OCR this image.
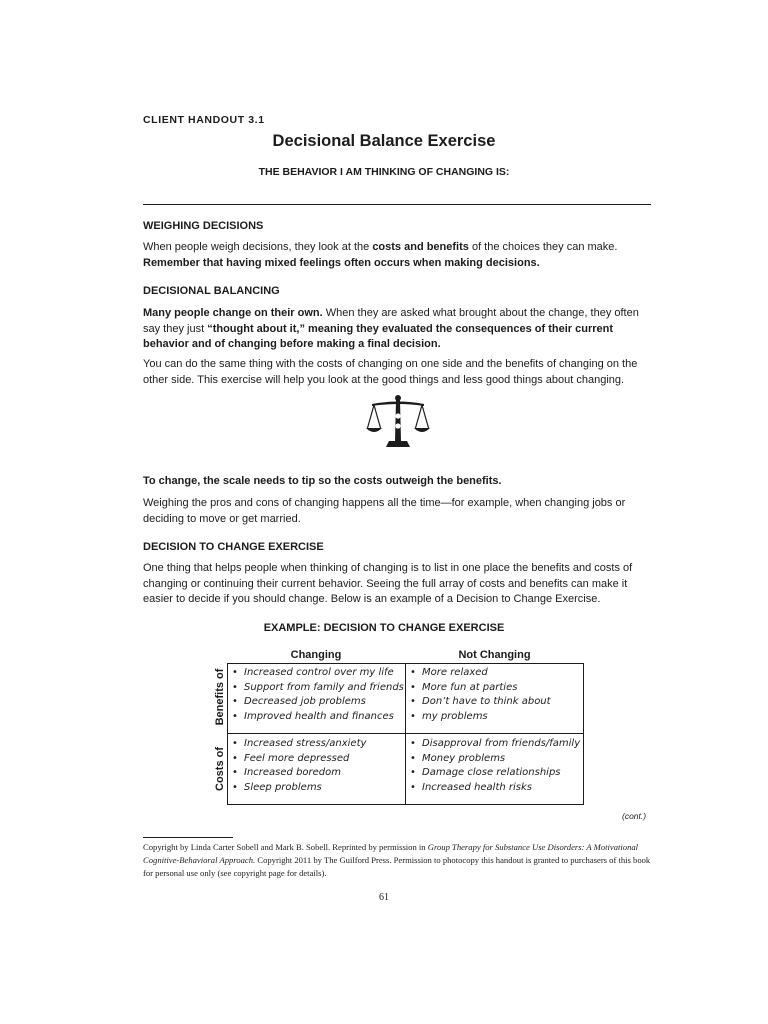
CLIENT HANDOUT 3.1
Decisional Balance Exercise
THE BEHAVIOR I AM THINKING OF CHANGING IS:
WEIGHING DECISIONS

When people weigh decisions, they look at the costs and benefits of the choices they can make.
Remember that having mixed feelings often occurs when making decisions.

DECISIONAL BALANCING

Many people change on their own. When they are asked what brought about the change, they often say they just “thought about it,” meaning they evaluated the consequences of their current behavior and of changing before making a final decision.

You can do the same thing with the costs of changing on one side and the benefits of changing on the other side. This exercise will help you look at the good things and less good things about changing.

To change, the scale needs to tip so the costs outweigh the benefits.

Weighing the pros and cons of changing happens all the time—for example, when changing jobs or deciding to move or get married.

DECISION TO CHANGE EXERCISE

One thing that helps people when thinking of changing is to list in one place the benefits and costs of changing or continuing their current behavior. Seeing the full array of costs and benefits can make it easier to decide if you should change. Below is an example of a Decision to Change Exercise.

EXAMPLE: DECISION TO CHANGE EXERCISE
Changing	Not Changing
Benefits of
Costs of
• Increased control over my life
• Support from family and friends
• Decreased job problems
• Improved health and finances
• More relaxed
• More fun at parties
• Don’t have to think about
• my problems
• Increased stress/anxiety
• Feel more depressed
• Increased boredom
• Sleep problems
• Disapproval from friends/family
• Money problems
• Damage close relationships
• Increased health risks
(cont.)
Copyright by Linda Carter Sobell and Mark B. Sobell. Reprinted by permission in Group Therapy for Substance Use Disorders: A Motivational Cognitive-Behavioral Approach. Copyright 2011 by The Guilford Press. Permission to photocopy this handout is granted to purchasers of this book for personal use only (see copyright page for details).
61
